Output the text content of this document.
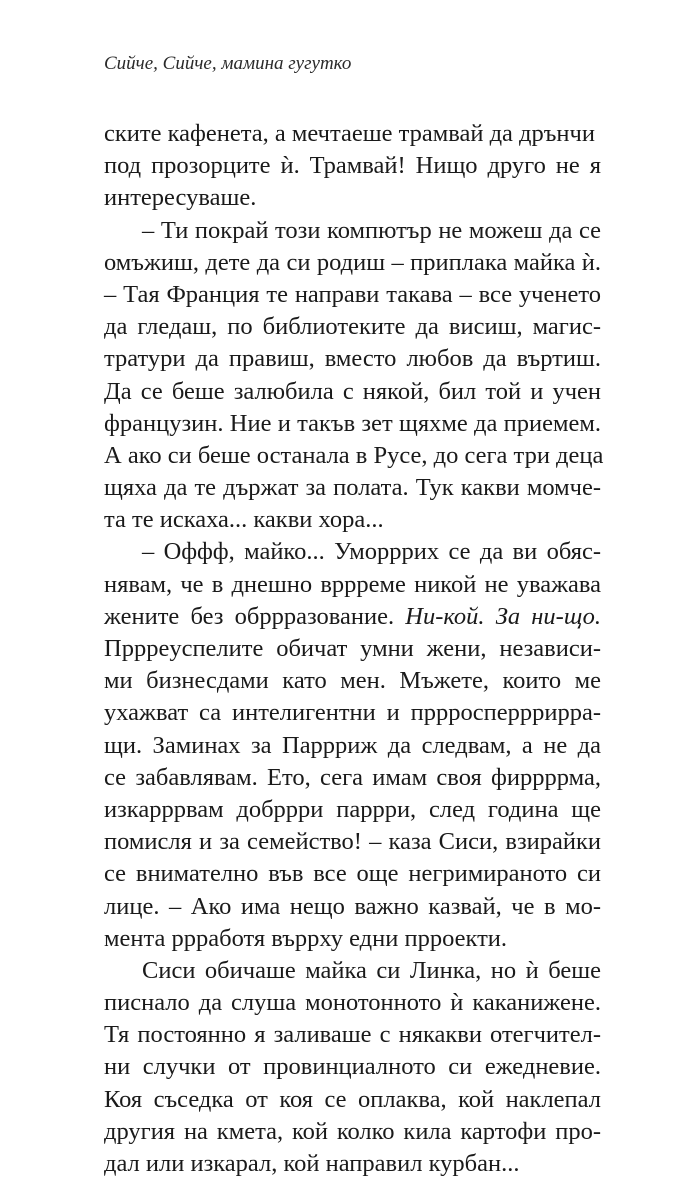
Сийче, Сийче, мамина гугутко
ските кафенета, а мечтаеше трамвай да дрънчи
под прозорците ѝ. Трамвай! Нищо друго не я
интересуваше.
– Ти покрай този компютър не можеш да се
омъжиш, дете да си родиш – приплака майка ѝ.
– Тая Франция те направи такава – все ученето
да гледаш, по библиотеките да висиш, магис-
тратури да правиш, вместо любов да въртиш.
Да се беше залюбила с някой, бил той и учен
французин. Ние и такъв зет щяхме да приемем.
А ако си беше останала в Русе, до сега три деца
щяха да те държат за полата. Тук какви момче-
та те искаха... какви хора...
– Оффф, майко... Уморррих се да ви обяс-
нявам, че в днешно врррeме никой не уважава
жените без обрррaзование. Ни-кой. За ни-що.
Прррeуспелите обичат умни жени, независи-
ми бизнесдами като мен. Мъжете, които ме
ухажват са интелигентни и прррoсперрриррa-
щи. Заминах за Паррриж да следвам, а не да
се забавлявам. Ето, сега имам своя фиррррма,
изкарррвам добррри паррри, след година ще
помисля и за семейство! – каза Сиси, взирайки
се внимателно във все още негримираното си
лице. – Ако има нещо важно казвай, че в мо-
мента ррработя въррху едни прроекти.
Сиси обичаше майка си Линка, но ѝ беше
писнало да слуша монотонното ѝ каканижене.
Тя постоянно я заливаше с някакви отегчител-
ни случки от провинциалното си ежедневие.
Коя съседка от коя се оплаква, кой наклепал
другия на кмета, кой колко кила картофи про-
дал или изкарал, кой направил курбан...
